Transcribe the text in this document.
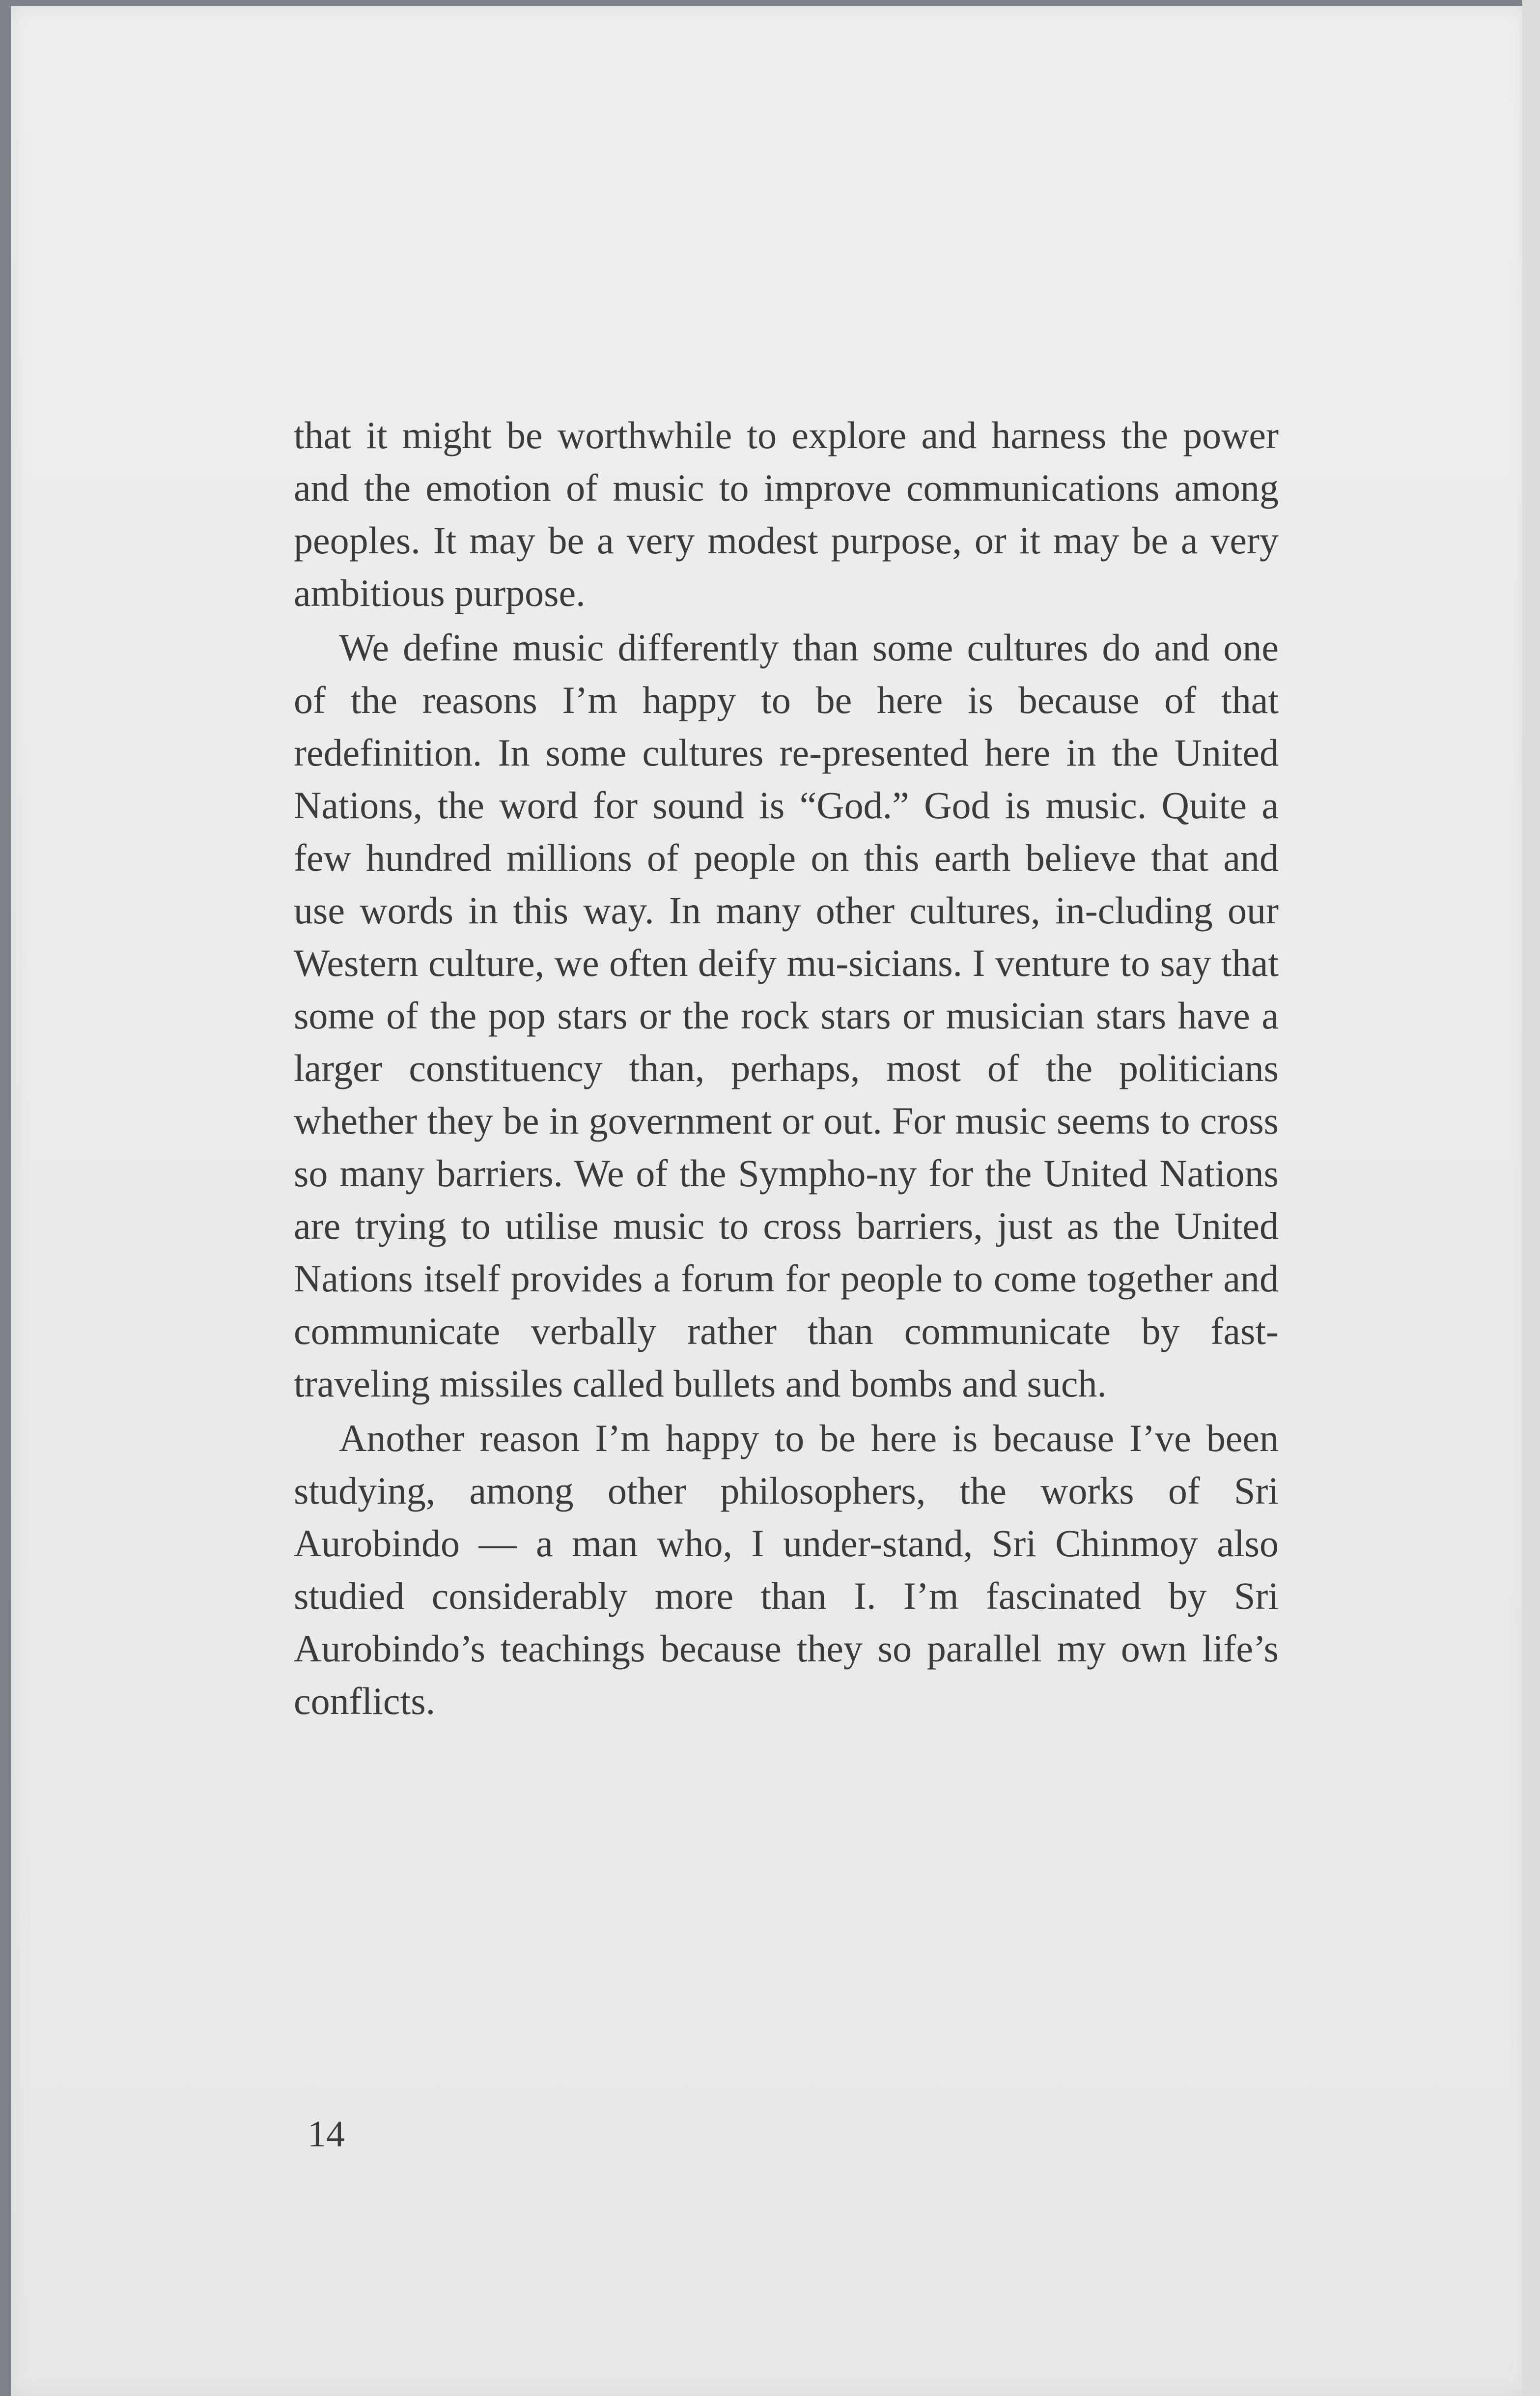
that it might be worthwhile to explore and harness the power and the emotion of music to improve communications among peoples. It may be a very modest purpose, or it may be a very ambitious purpose.

We define music differently than some cultures do and one of the reasons I’m happy to be here is because of that redefinition. In some cultures re-presented here in the United Nations, the word for sound is “God.” God is music. Quite a few hundred millions of people on this earth believe that and use words in this way. In many other cultures, in-cluding our Western culture, we often deify mu-sicians. I venture to say that some of the pop stars or the rock stars or musician stars have a larger constituency than, perhaps, most of the politicians whether they be in government or out. For music seems to cross so many barriers. We of the Sympho-ny for the United Nations are trying to utilise music to cross barriers, just as the United Nations itself provides a forum for people to come together and communicate verbally rather than communicate by fast-traveling missiles called bullets and bombs and such.

Another reason I’m happy to be here is because I’ve been studying, among other philosophers, the works of Sri Aurobindo — a man who, I under-stand, Sri Chinmoy also studied considerably more than I. I’m fascinated by Sri Aurobindo’s teachings because they so parallel my own life’s conflicts.

14
